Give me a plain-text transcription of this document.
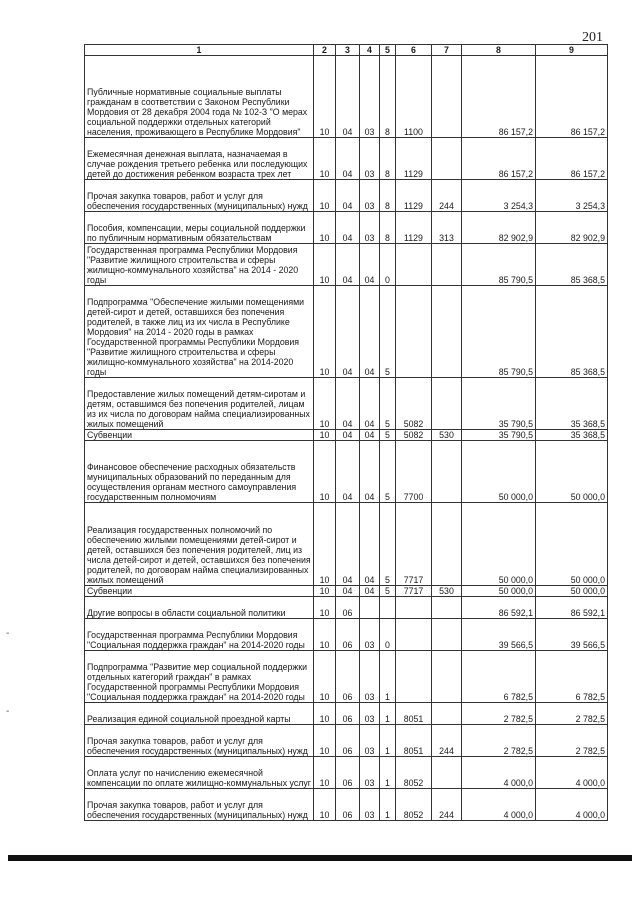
201
1	2	3	4	5	6	7	8	9
Публичные нормативные социальные выплаты гражданам в соответствии с Законом Республики Мордовия от 28 декабря 2004 года № 102-З "О мерах социальной поддержки отдельных категорий населения, проживающего в Республике Мордовия"	10	04	03	8	1100		86 157,2	86 157,2
Ежемесячная денежная выплата, назначаемая в случае рождения третьего ребенка или последующих детей до достижения ребенком возраста трех лет	10	04	03	8	1129		86 157,2	86 157,2
Прочая закупка товаров, работ и услуг для обеспечения государственных (муниципальных) нужд	10	04	03	8	1129	244	3 254,3	3 254,3
Пособия, компенсации, меры социальной поддержки по публичным нормативным обязательствам	10	04	03	8	1129	313	82 902,9	82 902,9
Государственная программа Республики Мордовия "Развитие жилищного строительства и сферы жилищно-коммунального хозяйства" на 2014 - 2020 годы	10	04	04	0			85 790,5	85 368,5
Подпрограмма "Обеспечение жилыми помещениями детей-сирот и детей, оставшихся без попечения родителей, в также лиц из их числа в Республике Мордовия" на 2014 - 2020 годы в рамках Государственной программы Республики Мордовия "Развитие жилищного строительства и сферы жилищно-коммунального хозяйства" на 2014-2020 годы	10	04	04	5			85 790,5	85 368,5
Предоставление жилых помещений детям-сиротам и детям, оставшимся без попечения родителей, лицам из их числа по договорам найма специализированных жилых помещений	10	04	04	5	5082		35 790,5	35 368,5
Субвенции	10	04	04	5	5082	530	35 790,5	35 368,5
Финансовое обеспечение расходных обязательств муниципальных образований по переданным для осуществления органам местного самоуправления государственным полномочиям	10	04	04	5	7700		50 000,0	50 000,0
Реализация государственных полномочий по обеспечению жилыми помещениями детей-сирот и детей, оставшихся без попечения родителей, лиц из числа детей-сирот и детей, оставшихся без попечения родителей, по договорам найма специализированных жилых помещений	10	04	04	5	7717		50 000,0	50 000,0
Субвенции	10	04	04	5	7717	530	50 000,0	50 000,0
Другие вопросы в области социальной политики	10	06					86 592,1	86 592,1
Государственная программа Республики Мордовия "Социальная поддержка граждан" на 2014-2020 годы	10	06	03	0			39 566,5	39 566,5
Подпрограмма "Развитие мер социальной поддержки отдельных категорий граждан" в рамках Государственной программы Республики Мордовия "Социальная поддержка граждан" на 2014-2020 годы	10	06	03	1			6 782,5	6 782,5
Реализация единой социальной проездной карты	10	06	03	1	8051		2 782,5	2 782,5
Прочая закупка товаров, работ и услуг для обеспечения государственных (муниципальных) нужд	10	06	03	1	8051	244	2 782,5	2 782,5
Оплата услуг по начислению ежемесячной компенсации по оплате жилищно-коммунальных услуг	10	06	03	1	8052		4 000,0	4 000,0
Прочая закупка товаров, работ и услуг для обеспечения государственных (муниципальных) нужд	10	06	03	1	8052	244	4 000,0	4 000,0
-
-
